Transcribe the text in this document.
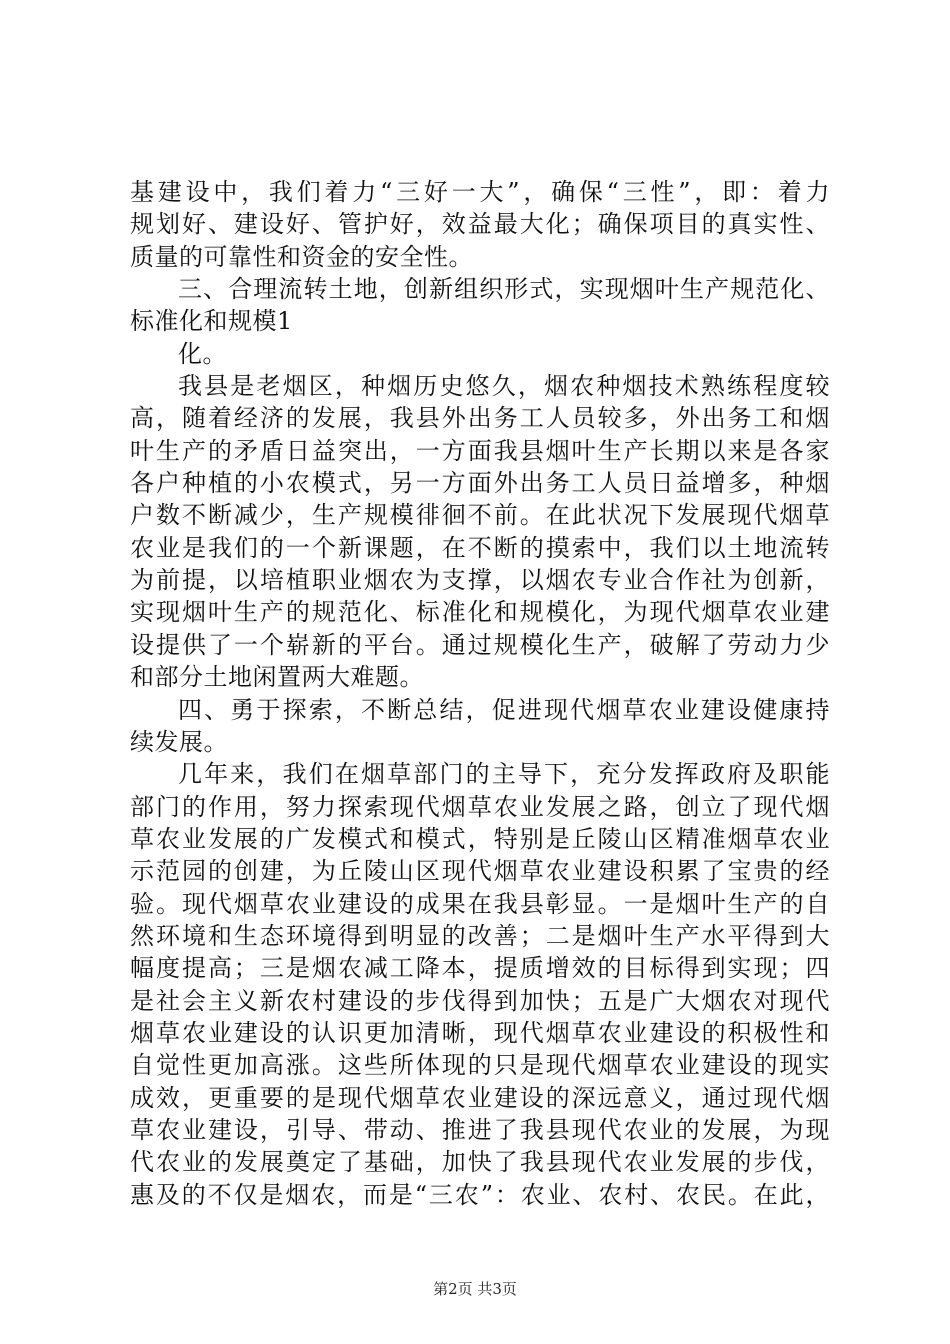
基建设中，我们着力“三好一大”，确保“三性”，即：着力
规划好、建设好、管护好，效益最大化；确保项目的真实性、
质量的可靠性和资金的安全性。
三、合理流转土地，创新组织形式，实现烟叶生产规范化、
标准化和规模1
化。
我县是老烟区，种烟历史悠久，烟农种烟技术熟练程度较
高，随着经济的发展，我县外出务工人员较多，外出务工和烟
叶生产的矛盾日益突出，一方面我县烟叶生产长期以来是各家
各户种植的小农模式，另一方面外出务工人员日益增多，种烟
户数不断减少，生产规模徘徊不前。在此状况下发展现代烟草
农业是我们的一个新课题，在不断的摸索中，我们以土地流转
为前提，以培植职业烟农为支撑，以烟农专业合作社为创新，
实现烟叶生产的规范化、标准化和规模化，为现代烟草农业建
设提供了一个崭新的平台。通过规模化生产，破解了劳动力少
和部分土地闲置两大难题。
四、勇于探索，不断总结，促进现代烟草农业建设健康持
续发展。
几年来，我们在烟草部门的主导下，充分发挥政府及职能
部门的作用，努力探索现代烟草农业发展之路，创立了现代烟
草农业发展的广发模式和模式，特别是丘陵山区精准烟草农业
示范园的创建，为丘陵山区现代烟草农业建设积累了宝贵的经
验。现代烟草农业建设的成果在我县彰显。一是烟叶生产的自
然环境和生态环境得到明显的改善；二是烟叶生产水平得到大
幅度提高；三是烟农减工降本，提质增效的目标得到实现；四
是社会主义新农村建设的步伐得到加快；五是广大烟农对现代
烟草农业建设的认识更加清晰，现代烟草农业建设的积极性和
自觉性更加高涨。这些所体现的只是现代烟草农业建设的现实
成效，更重要的是现代烟草农业建设的深远意义，通过现代烟
草农业建设，引导、带动、推进了我县现代农业的发展，为现
代农业的发展奠定了基础，加快了我县现代农业发展的步伐，
惠及的不仅是烟农，而是“三农”：农业、农村、农民。在此，
第2页 共3页
